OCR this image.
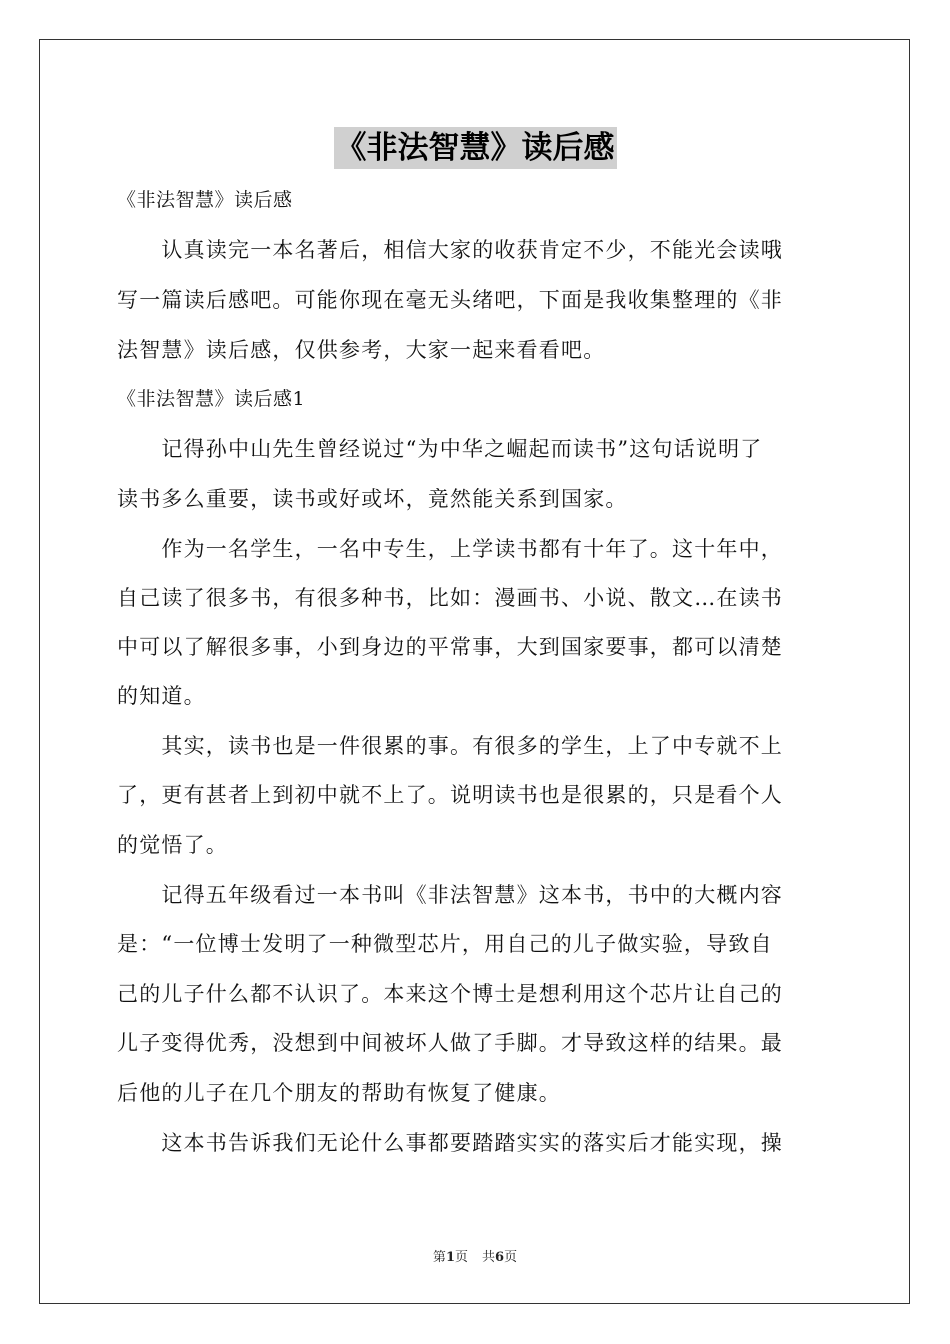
《非法智慧》读后感
《非法智慧》读后感
　　认真读完一本名著后，相信大家的收获肯定不少，不能光会读哦
写一篇读后感吧。可能你现在毫无头绪吧，下面是我收集整理的《非
法智慧》读后感，仅供参考，大家一起来看看吧。
《非法智慧》读后感1
　　记得孙中山先生曾经说过“为中华之崛起而读书”这句话说明了
读书多么重要，读书或好或坏，竟然能关系到国家。
　　作为一名学生，一名中专生，上学读书都有十年了。这十年中，
自己读了很多书，有很多种书，比如：漫画书、小说、散文…在读书
中可以了解很多事，小到身边的平常事，大到国家要事，都可以清楚
的知道。
　　其实，读书也是一件很累的事。有很多的学生，上了中专就不上
了，更有甚者上到初中就不上了。说明读书也是很累的，只是看个人
的觉悟了。
　　记得五年级看过一本书叫《非法智慧》这本书，书中的大概内容
是：“一位博士发明了一种微型芯片，用自己的儿子做实验，导致自
己的儿子什么都不认识了。本来这个博士是想利用这个芯片让自己的
儿子变得优秀，没想到中间被坏人做了手脚。才导致这样的结果。最
后他的儿子在几个朋友的帮助有恢复了健康。
　　这本书告诉我们无论什么事都要踏踏实实的落实后才能实现，操
第1页 共6页
